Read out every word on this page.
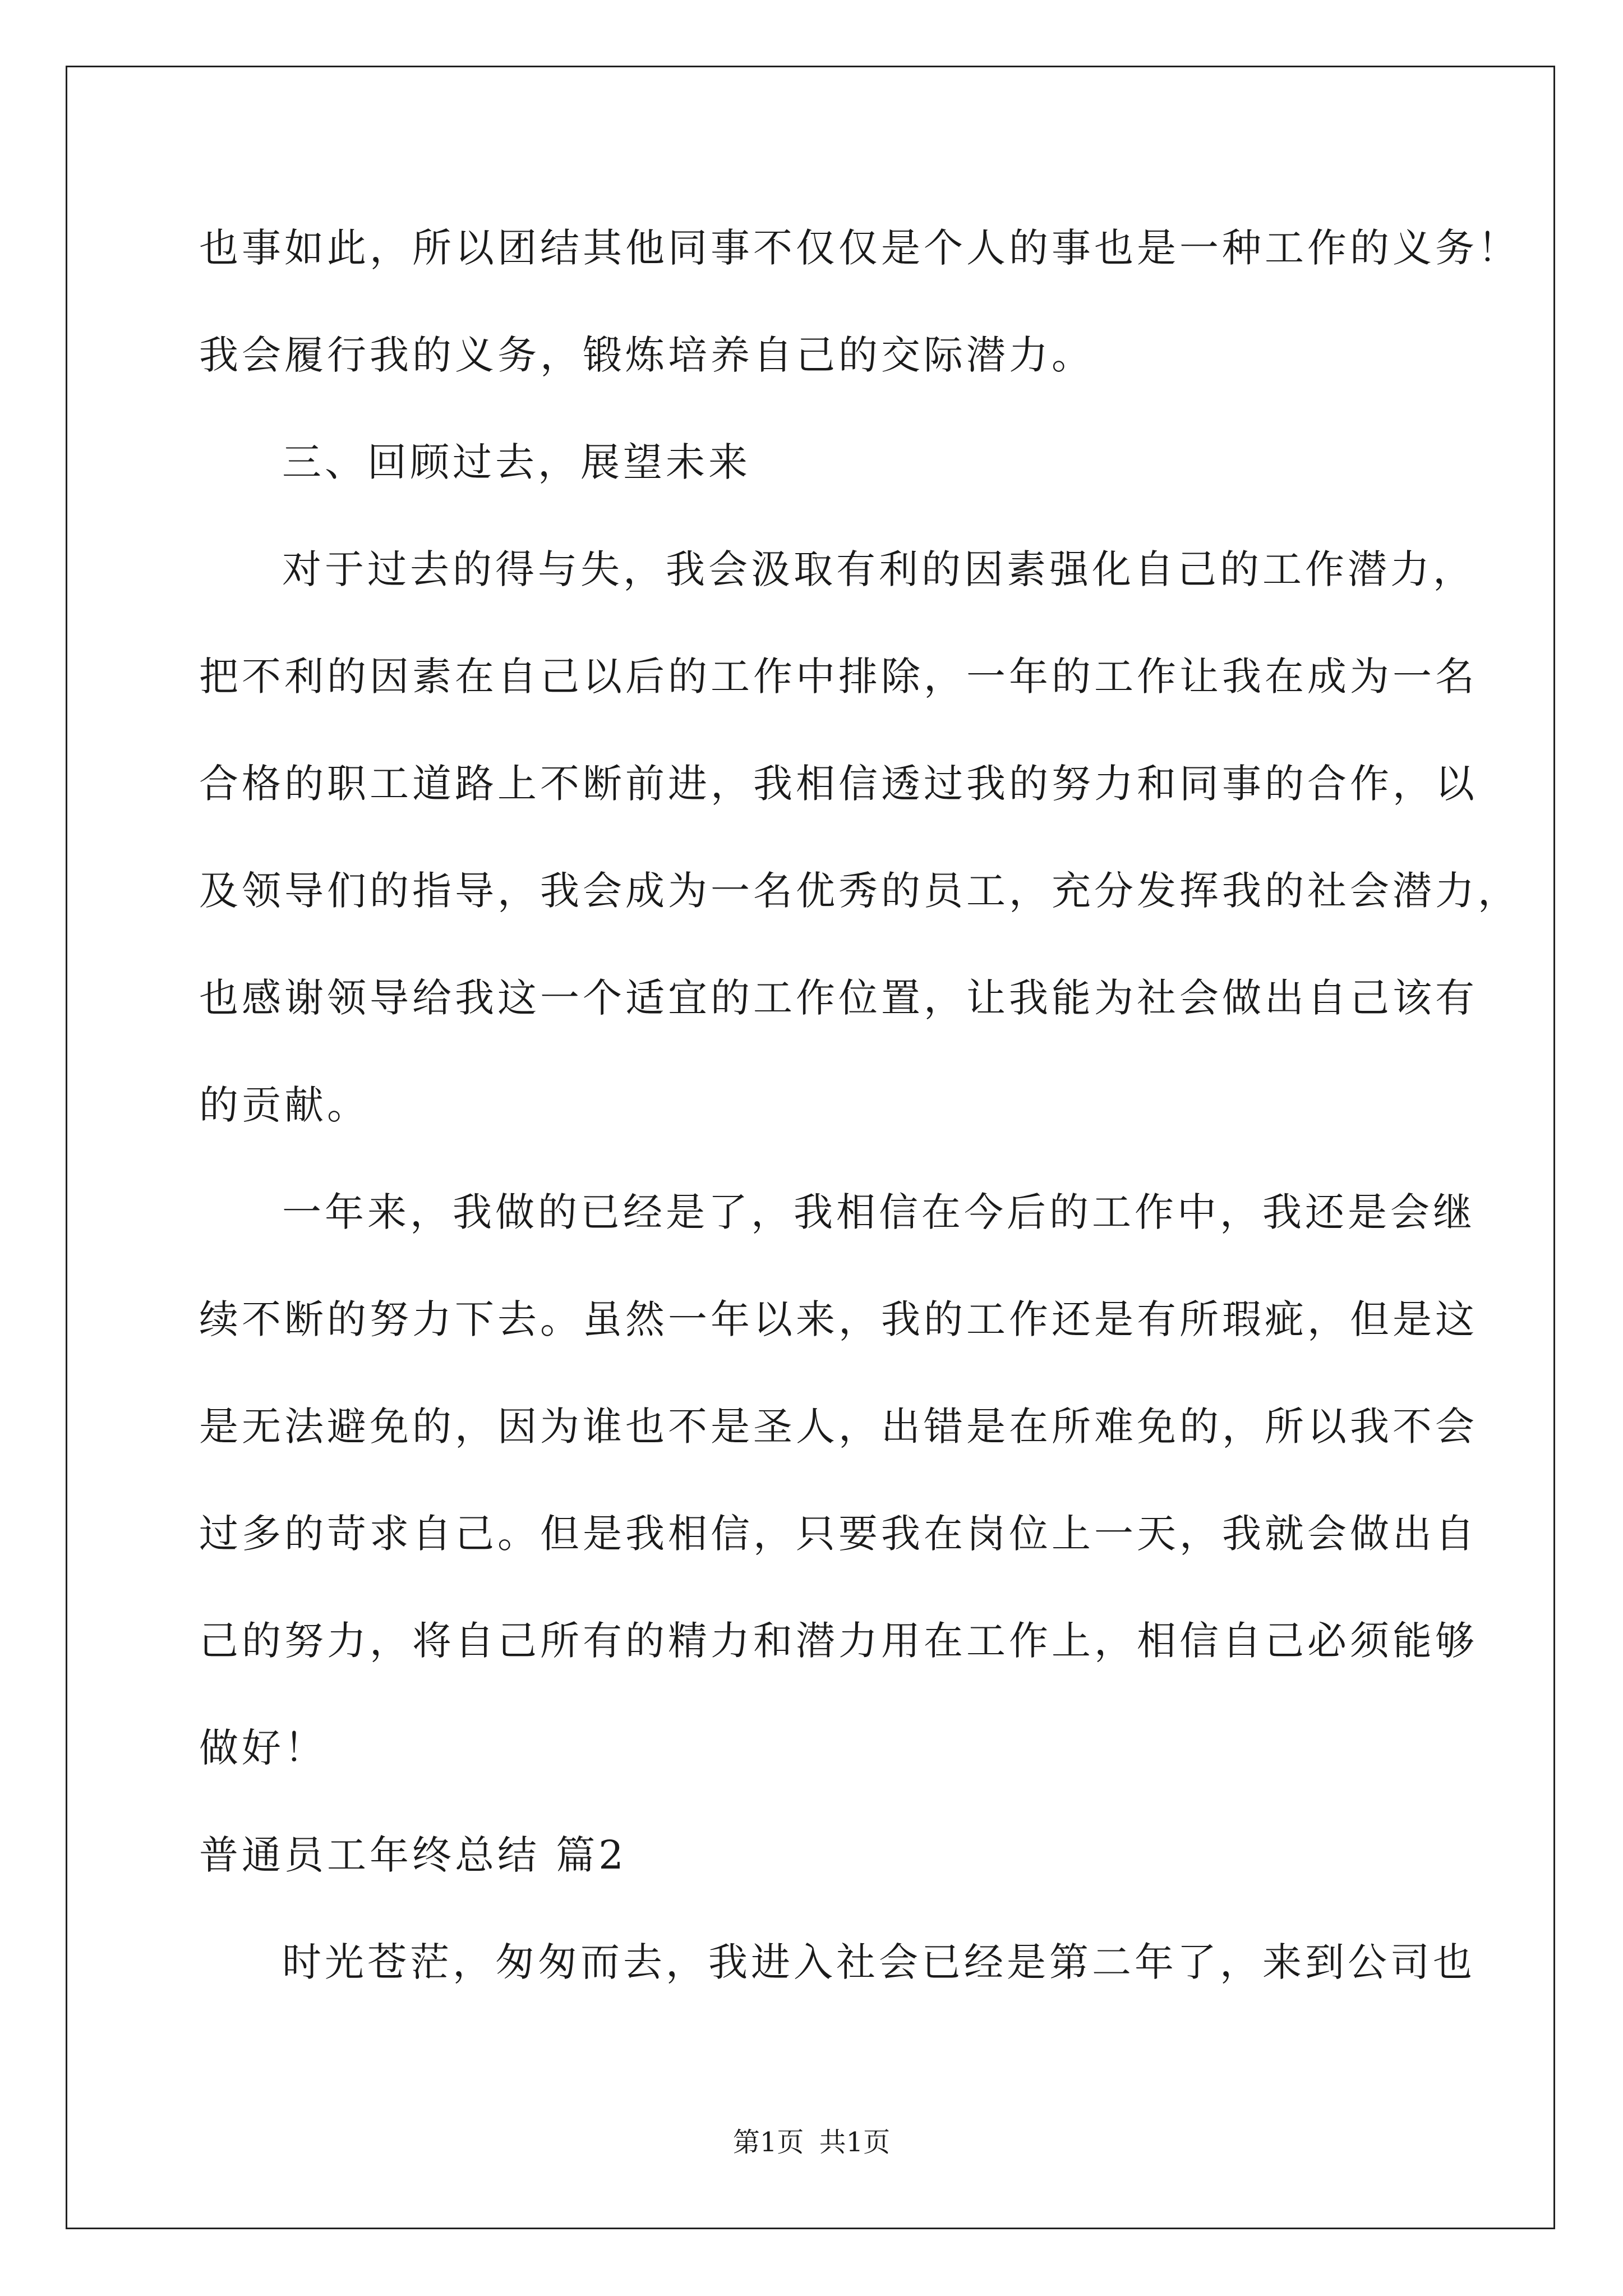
也事如此，所以团结其他同事不仅仅是个人的事也是一种工作的义务！
我会履行我的义务，锻炼培养自己的交际潜力。
三、回顾过去，展望未来
对于过去的得与失，我会汲取有利的因素强化自己的工作潜力，
把不利的因素在自己以后的工作中排除，一年的工作让我在成为一名
合格的职工道路上不断前进，我相信透过我的努力和同事的合作，以
及领导们的指导，我会成为一名优秀的员工，充分发挥我的社会潜力，
也感谢领导给我这一个适宜的工作位置，让我能为社会做出自己该有
的贡献。
一年来，我做的已经是了，我相信在今后的工作中，我还是会继
续不断的努力下去。虽然一年以来，我的工作还是有所瑕疵，但是这
是无法避免的，因为谁也不是圣人，出错是在所难免的，所以我不会
过多的苛求自己。但是我相信，只要我在岗位上一天，我就会做出自
己的努力，将自己所有的精力和潜力用在工作上，相信自己必须能够
做好！
普通员工年终总结 篇2
时光苍茫，匆匆而去，我进入社会已经是第二年了，来到公司也
第1页 共1页
